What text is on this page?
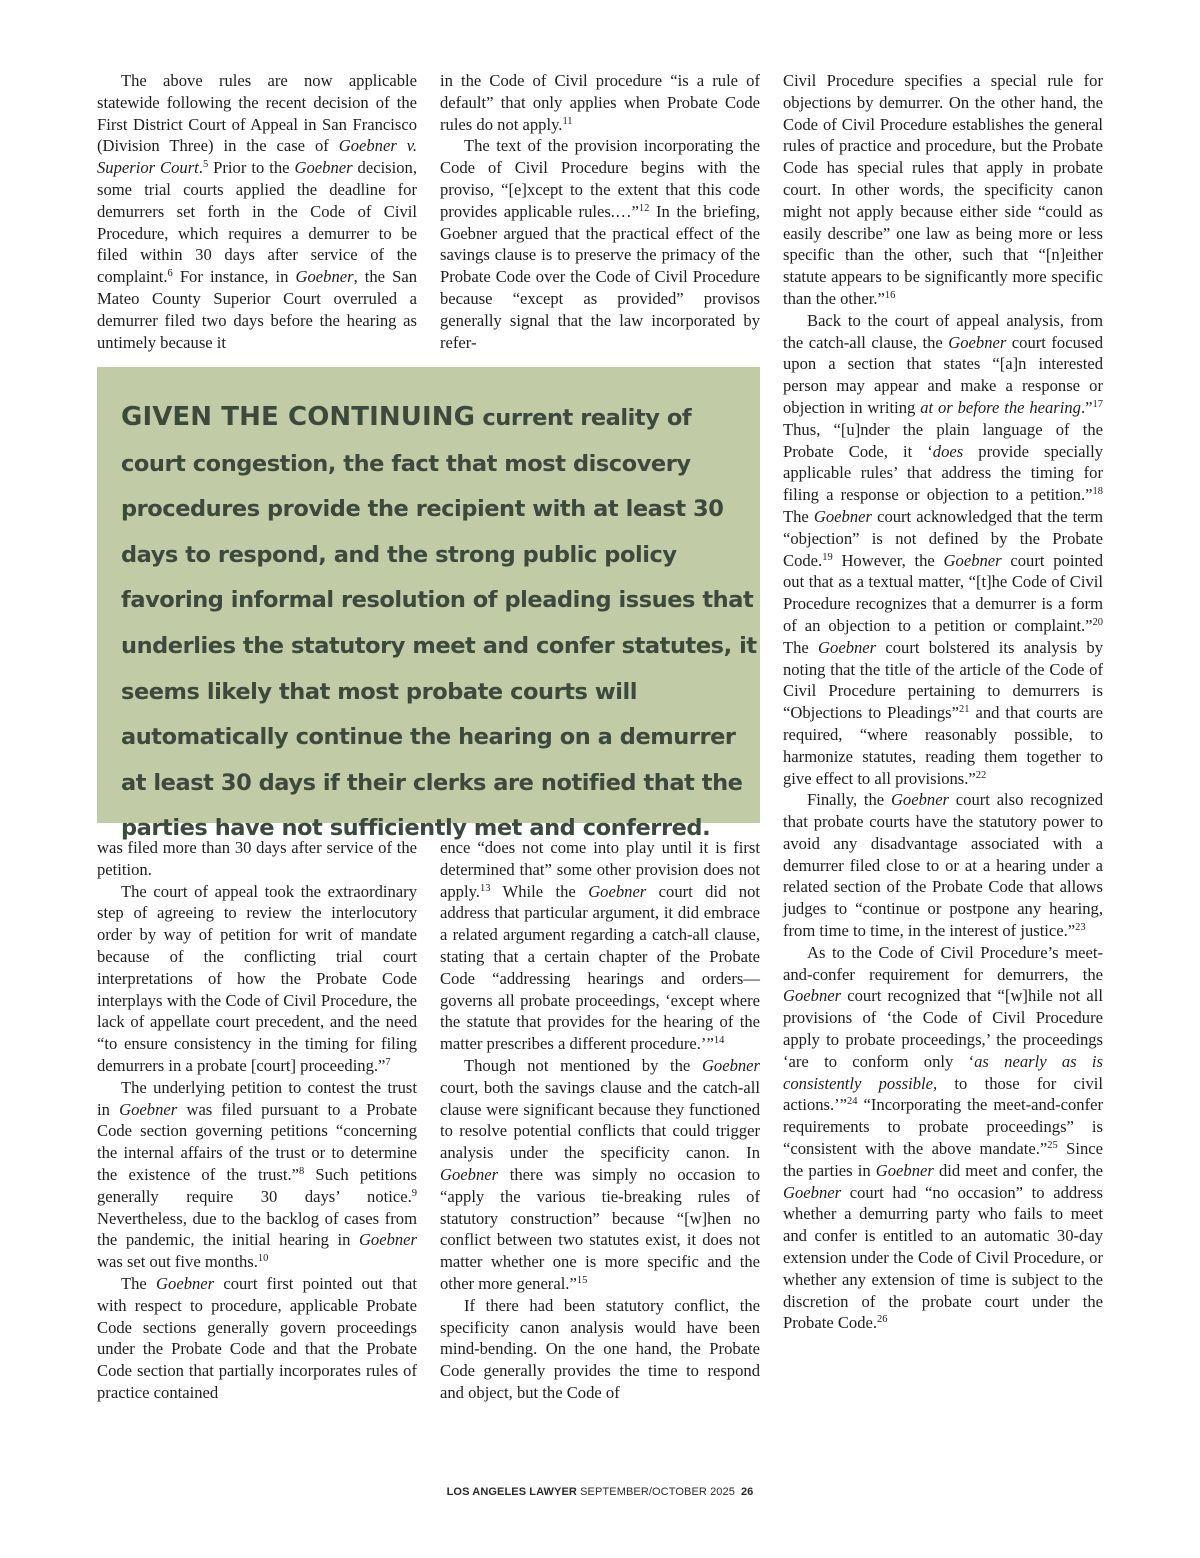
The above rules are now applicable statewide following the recent decision of the First District Court of Appeal in San Francisco (Division Three) in the case of Goebner v. Superior Court.$^5$ Prior to the Goebner decision, some trial courts applied the deadline for demurrers set forth in the Code of Civil Procedure, which requires a demurrer to be filed within 30 days after service of the complaint.$^6$ For instance, in Goebner, the San Mateo County Superior Court overruled a demurrer filed two days before the hearing as untimely because it

in the Code of Civil procedure “is a rule of default” that only applies when Probate Code rules do not apply.$^{11}$

The text of the provision incorporating the Code of Civil Procedure begins with the proviso, “[e]xcept to the extent that this code provides applicable rules.…”$^{12}$ In the briefing, Goebner argued that the practical effect of the savings clause is to preserve the primacy of the Probate Code over the Code of Civil Procedure because “except as provided” provisos generally signal that the law incorporated by refer-

Civil Procedure specifies a special rule for objections by demurrer. On the other hand, the Code of Civil Procedure establishes the general rules of practice and procedure, but the Probate Code has special rules that apply in probate court. In other words, the specificity canon might not apply because either side “could as easily describe” one law as being more or less specific than the other, such that “[n]either statute appears to be significantly more specific than the other.”$^{16}$

Back to the court of appeal analysis, from the catch-all clause, the Goebner court focused upon a section that states “[a]n interested person may appear and make a response or objection in writing at or before the hearing.”$^{17}$ Thus, “[u]nder the plain language of the Probate Code, it ‘does provide specially applicable rules’ that address the timing for filing a response or objection to a petition.”$^{18}$ The Goebner court acknowledged that the term “objection” is not defined by the Probate Code.$^{19}$ However, the Goebner court pointed out that as a textual matter, “[t]he Code of Civil Procedure recognizes that a demurrer is a form of an objection to a petition or complaint.”$^{20}$ The Goebner court bolstered its analysis by noting that the title of the article of the Code of Civil Procedure pertaining to demurrers is “Objections to Pleadings”$^{21}$ and that courts are required, “where reasonably possible, to harmonize statutes, reading them together to give effect to all provisions.”$^{22}$

Finally, the Goebner court also recognized that probate courts have the statutory power to avoid any disadvantage associated with a demurrer filed close to or at a hearing under a related section of the Probate Code that allows judges to “continue or postpone any hearing, from time to time, in the interest of justice.”$^{23}$

As to the Code of Civil Procedure’s meet-and-confer requirement for demurrers, the Goebner court recognized that “[w]hile not all provisions of ‘the Code of Civil Procedure apply to probate proceedings,’ the proceedings ‘are to conform only ‘as nearly as is consistently possible, to those for civil actions.’”$^{24}$ “Incorporating the meet-and-confer requirements to probate proceedings” is “consistent with the above mandate.”$^{25}$ Since the parties in Goebner did meet and confer, the Goebner court had “no occasion” to address whether a demurring party who fails to meet and confer is entitled to an automatic 30-day extension under the Code of Civil Procedure, or whether any extension of time is subject to the discretion of the probate court under the Probate Code.$^{26}$

GIVEN THE CONTINUING current reality of court congestion, the fact that most discovery procedures provide the recipient with at least 30 days to respond, and the strong public policy favoring informal resolution of pleading issues that underlies the statutory meet and confer statutes, it seems likely that most probate courts will automatically continue the hearing on a demurrer at least 30 days if their clerks are notified that the parties have not sufficiently met and conferred.

was filed more than 30 days after service of the petition.

The court of appeal took the extraordinary step of agreeing to review the interlocutory order by way of petition for writ of mandate because of the conflicting trial court interpretations of how the Probate Code interplays with the Code of Civil Procedure, the lack of appellate court precedent, and the need “to ensure consistency in the timing for filing demurrers in a probate [court] proceeding.”$^7$

The underlying petition to contest the trust in Goebner was filed pursuant to a Probate Code section governing petitions “concerning the internal affairs of the trust or to determine the existence of the trust.”$^8$ Such petitions generally require 30 days’ notice.$^9$ Nevertheless, due to the backlog of cases from the pandemic, the initial hearing in Goebner was set out five months.$^{10}$

The Goebner court first pointed out that with respect to procedure, applicable Probate Code sections generally govern proceedings under the Probate Code and that the Probate Code section that partially incorporates rules of practice contained

ence “does not come into play until it is first determined that” some other provision does not apply.$^{13}$ While the Goebner court did not address that particular argument, it did embrace a related argument regarding a catch-all clause, stating that a certain chapter of the Probate Code “addressing hearings and orders—governs all probate proceedings, ‘except where the statute that provides for the hearing of the matter prescribes a different procedure.’”$^{14}$

Though not mentioned by the Goebner court, both the savings clause and the catch-all clause were significant because they functioned to resolve potential conflicts that could trigger analysis under the specificity canon. In Goebner there was simply no occasion to “apply the various tie-breaking rules of statutory construction” because “[w]hen no conflict between two statutes exist, it does not matter whether one is more specific and the other more general.”$^{15}$

If there had been statutory conflict, the specificity canon analysis would have been mind-bending. On the one hand, the Probate Code generally provides the time to respond and object, but the Code of

LOS ANGELES LAWYER SEPTEMBER/OCTOBER 2025 26
